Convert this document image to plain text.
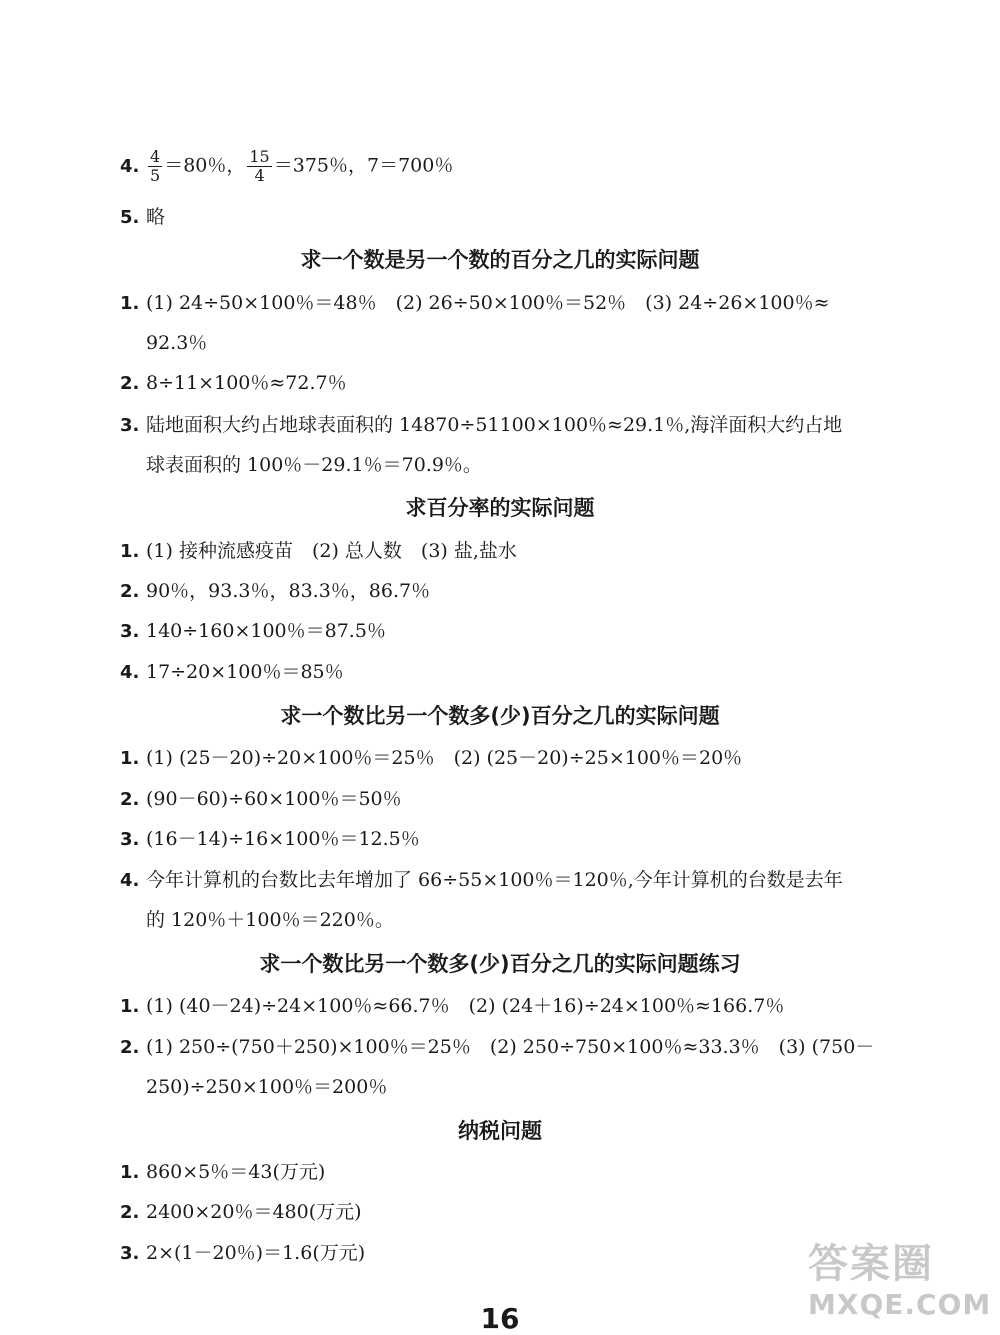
4. $\frac{4}{5} =80$％， $\frac{15}{4} =375$％，7＝700％
5. 略
求一个数是另一个数的百分之几的实际问题
1. (1) 24÷50×100％＝48％　(2) 26÷50×100％＝52％　(3) 24÷26×100％≈
92.3％
2. 8÷11×100％≈72.7％
3. 陆地面积大约占地球表面积的 14870÷51100×100％≈29.1％,海洋面积大约占地
球表面积的 100％－29.1％＝70.9％。
求百分率的实际问题
1. (1) 接种流感疫苗　(2) 总人数　(3) 盐,盐水
2. 90％，93.3％，83.3％，86.7％
3. 140÷160×100％＝87.5％
4. 17÷20×100％＝85％
求一个数比另一个数多(少)百分之几的实际问题
1. (1) (25－20)÷20×100％＝25％　(2) (25－20)÷25×100％＝20％
2. (90－60)÷60×100％＝50％
3. (16－14)÷16×100％＝12.5％
4. 今年计算机的台数比去年增加了 66÷55×100％＝120％,今年计算机的台数是去年
的 120％＋100％＝220％。
求一个数比另一个数多(少)百分之几的实际问题练习
1. (1) (40－24)÷24×100％≈66.7％　(2) (24＋16)÷24×100％≈166.7％
2. (1) 250÷(750＋250)×100％＝25％　(2) 250÷750×100％≈33.3％　(3) (750－
250)÷250×100％＝200％
纳税问题
1. 860×5％＝43(万元)
2. 2400×20％＝480(万元)
3. 2×(1－20％)＝1.6(万元)
16
答案圈
MXQE.COM
